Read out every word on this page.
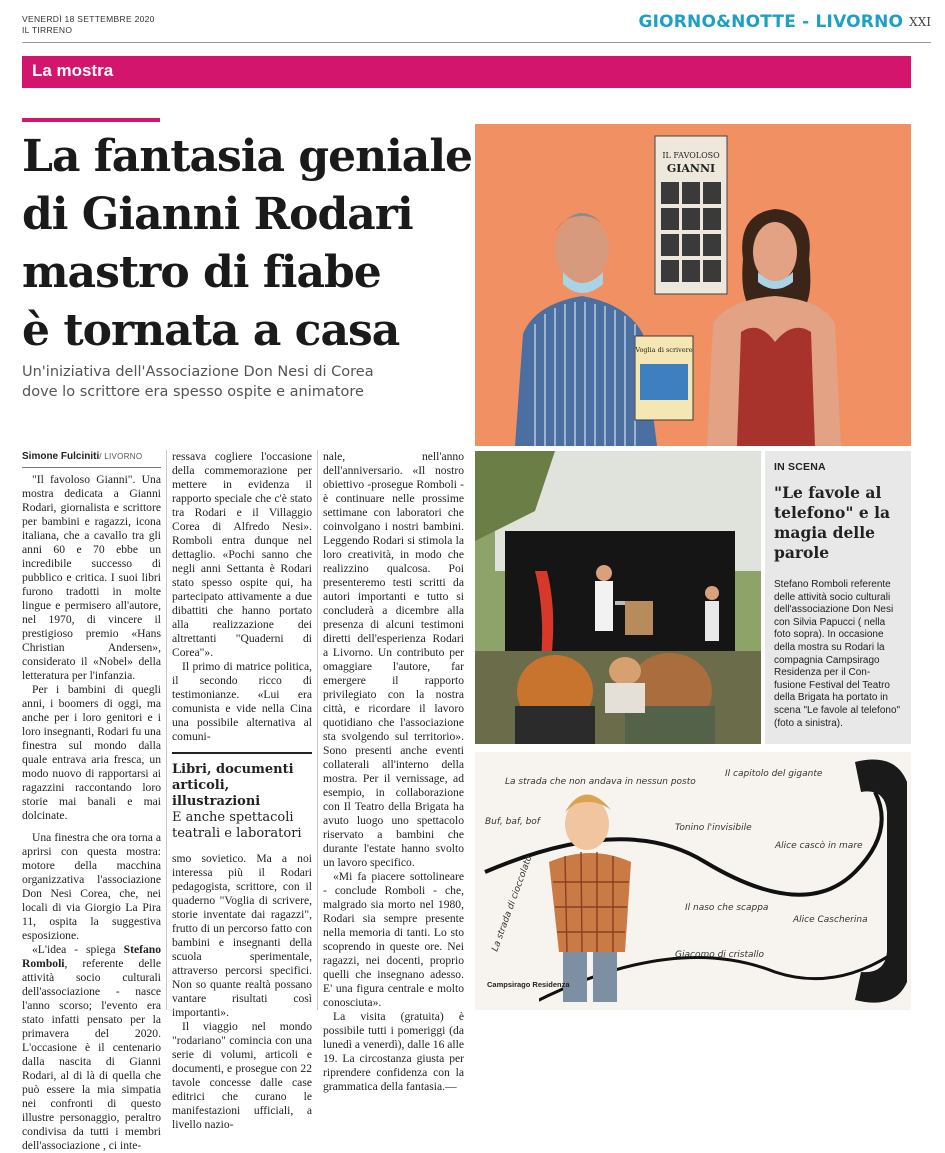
VENERDÌ 18 SETTEMBRE 2020
IL TIRRENO	GIORNO&NOTTE - LIVORNO XXI
La mostra
La fantasia geniale
di Gianni Rodari
mastro di fiabe
è tornata a casa
Un'iniziativa dell'Associazione Don Nesi di Corea
dove lo scrittore era spesso ospite e animatore
Simone Fulciniti/ LIVORNO

"Il favoloso Gianni". Una mostra dedicata a Gianni Rodari, giornalista e scrittore per bambini e ragazzi, icona italiana, che a cavallo tra gli anni 60 e 70 ebbe un incredibile successo di pubblico e critica. I suoi libri furono tradotti in molte lingue e permisero all'autore, nel 1970, di vincere il prestigioso premio «Hans Christian Andersen», considerato il «Nobel» della letteratura per l'infanzia.

Per i bambini di quegli anni, i boomers di oggi, ma anche per i loro genitori e i loro insegnanti, Rodari fu una finestra sul mondo dalla quale entrava aria fresca, un modo nuovo di rapportarsi ai ragazzini raccontando loro storie mai banali e mai dolcinate.

Una finestra che ora torna a aprirsi con questa mostra: motore della macchina organizzativa l'associazione Don Nesi Corea, che, nei locali di via Giorgio La Pira 11, ospita la suggestiva esposizione.

«L'idea - spiega Stefano Romboli, referente delle attività socio culturali dell'associazione - nasce l'anno scorso; l'evento era stato infatti pensato per la primavera del 2020. L'occasione è il centenario dalla nascita di Gianni Rodari, al di là di quella che può essere la mia simpatia nei confronti di questo illustre personaggio, peraltro condivisa da tutti i membri dell'associazione , ci inte-

ressava cogliere l'occasione della commemorazione per mettere in evidenza il rapporto speciale che c'è stato tra Rodari e il Villaggio Corea di Alfredo Nesi». Romboli entra dunque nel dettaglio. «Pochi sanno che negli anni Settanta è Rodari stato spesso ospite qui, ha partecipato attivamente a due dibattiti che hanno portato alla realizzazione dei altrettanti "Quaderni di Corea"».

Il primo di matrice politica, il secondo ricco di testimonianze. «Lui era comunista e vide nella Cina una possibile alternativa al comuni-

Libri, documenti articoli, illustrazioni
E anche spettacoli teatrali e laboratori

smo sovietico. Ma a noi interessa più il Rodari pedagogista, scrittore, con il quaderno "Voglia di scrivere, storie inventate dai ragazzi", frutto di un percorso fatto con bambini e insegnanti della scuola sperimentale, attraverso percorsi specifici. Non so quante realtà possano vantare risultati così importanti».

Il viaggio nel mondo "rodariano" comincia con una serie di volumi, articoli e documenti, e prosegue con 22 tavole concesse dalle case editrici che curano le manifestazioni ufficiali, a livello nazio-

nale, nell'anno dell'anniversario. «Il nostro obiettivo -prosegue Romboli - è continuare nelle prossime settimane con laboratori che coinvolgano i nostri bambini. Leggendo Rodari si stimola la loro creatività, in modo che realizzino qualcosa. Poi presenteremo testi scritti da autori importanti e tutto si concluderà a dicembre alla presenza di alcuni testimoni diretti dell'esperienza Rodari a Livorno. Un contributo per omaggiare l'autore, far emergere il rapporto privilegiato con la nostra città, e ricordare il lavoro quotidiano che l'associazione sta svolgendo sul territorio». Sono presenti anche eventi collaterali all'interno della mostra. Per il vernissage, ad esempio, in collaborazione con Il Teatro della Brigata ha avuto luogo uno spettacolo riservato a bambini che durante l'estate hanno svolto un lavoro specifico.

«Mi fa piacere sottolineare - conclude Romboli - che, malgrado sia morto nel 1980, Rodari sia sempre presente nella memoria di tanti. Lo sto scoprendo in queste ore. Nei ragazzi, nei docenti, proprio quelli che insegnano adesso. E' una figura centrale e molto conosciuta».

La visita (gratuita) è possibile tutti i pomeriggi (da lunedì a venerdì), dalle 16 alle 19. La circostanza giusta per riprendere confidenza con la grammatica della fantasia.—

IL FAVOLOSO
GIANNI
Voglia di scrivere
IN SCENA
"Le favole al telefono" e la magia delle parole
Stefano Romboli referente delle attività socio culturali dell'associazione Don Nesi con Silvia Papucci ( nella foto sopra). In occasione della mostra su Rodari la compagnia Campsirago Residenza per il Con-fusione Festival del Teatro della Brigata ha portato in scena "Le favole al telefono" (foto a sinistra).
La strada che non andava in nessun posto
Il capitolo del gigante
Buf, baf, bof
Tonino l'invisibile
Alice cascò in mare
Il naso che scappa
Alice Cascherina
Giacomo di cristallo
La strada di cioccolato
Campsirago Residenza
